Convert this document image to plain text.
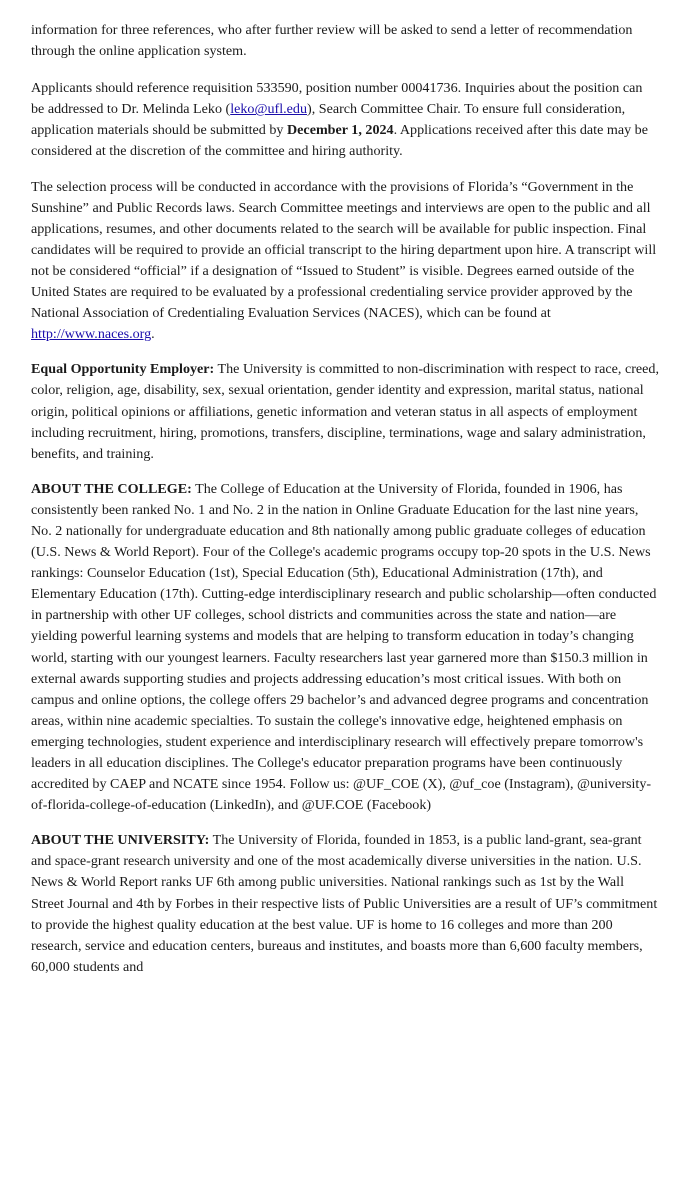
information for three references, who after further review will be asked to send a letter of recommendation through the online application system.

Applicants should reference requisition 533590, position number 00041736. Inquiries about the position can be addressed to Dr. Melinda Leko (leko@ufl.edu), Search Committee Chair. To ensure full consideration, application materials should be submitted by December 1, 2024. Applications received after this date may be considered at the discretion of the committee and hiring authority.

The selection process will be conducted in accordance with the provisions of Florida’s “Government in the Sunshine” and Public Records laws. Search Committee meetings and interviews are open to the public and all applications, resumes, and other documents related to the search will be available for public inspection. Final candidates will be required to provide an official transcript to the hiring department upon hire. A transcript will not be considered “official” if a designation of “Issued to Student” is visible. Degrees earned outside of the United States are required to be evaluated by a professional credentialing service provider approved by the National Association of Credentialing Evaluation Services (NACES), which can be found at http://www.naces.org.

Equal Opportunity Employer: The University is committed to non-discrimination with respect to race, creed, color, religion, age, disability, sex, sexual orientation, gender identity and expression, marital status, national origin, political opinions or affiliations, genetic information and veteran status in all aspects of employment including recruitment, hiring, promotions, transfers, discipline, terminations, wage and salary administration, benefits, and training.

ABOUT THE COLLEGE: The College of Education at the University of Florida, founded in 1906, has consistently been ranked No. 1 and No. 2 in the nation in Online Graduate Education for the last nine years, No. 2 nationally for undergraduate education and 8th nationally among public graduate colleges of education (U.S. News & World Report). Four of the College's academic programs occupy top-20 spots in the U.S. News rankings: Counselor Education (1st), Special Education (5th), Educational Administration (17th), and Elementary Education (17th). Cutting-edge interdisciplinary research and public scholarship—often conducted in partnership with other UF colleges, school districts and communities across the state and nation—are yielding powerful learning systems and models that are helping to transform education in today’s changing world, starting with our youngest learners. Faculty researchers last year garnered more than $150.3 million in external awards supporting studies and projects addressing education’s most critical issues. With both on campus and online options, the college offers 29 bachelor’s and advanced degree programs and concentration areas, within nine academic specialties. To sustain the college's innovative edge, heightened emphasis on emerging technologies, student experience and interdisciplinary research will effectively prepare tomorrow's leaders in all education disciplines. The College's educator preparation programs have been continuously accredited by CAEP and NCATE since 1954. Follow us: @UF_COE (X), @uf_coe (Instagram), @university-of-florida-college-of-education (LinkedIn), and @UF.COE (Facebook)

ABOUT THE UNIVERSITY: The University of Florida, founded in 1853, is a public land-grant, sea-grant and space-grant research university and one of the most academically diverse universities in the nation. U.S. News & World Report ranks UF 6th among public universities. National rankings such as 1st by the Wall Street Journal and 4th by Forbes in their respective lists of Public Universities are a result of UF’s commitment to provide the highest quality education at the best value. UF is home to 16 colleges and more than 200 research, service and education centers, bureaus and institutes, and boasts more than 6,600 faculty members, 60,000 students and
